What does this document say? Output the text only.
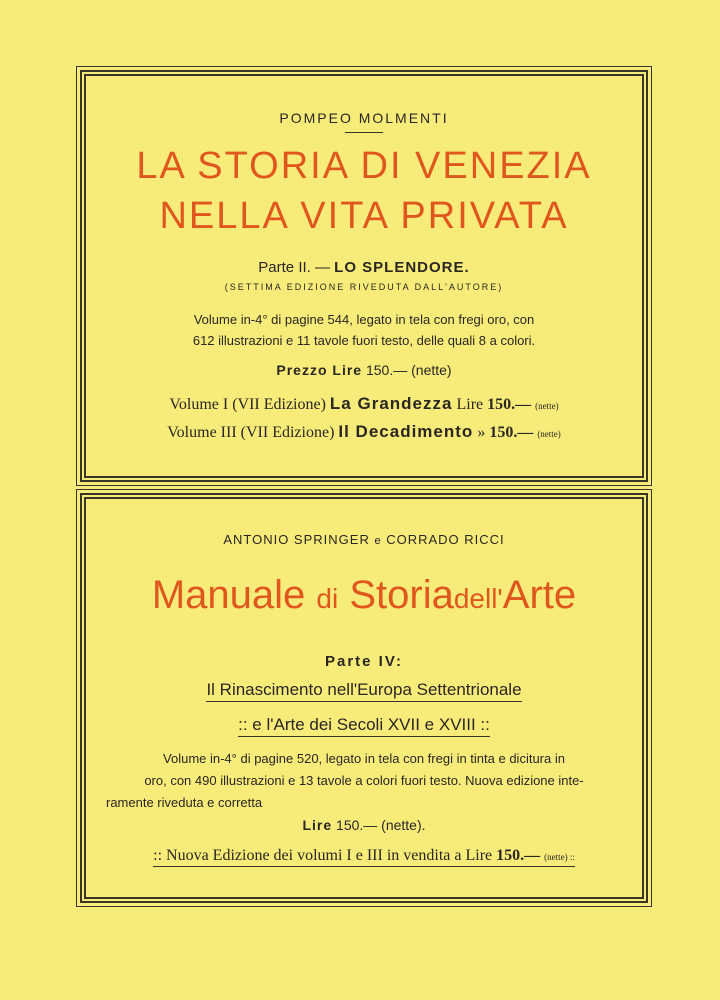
POMPEO MOLMENTI
LA STORIA DI VENEZIA
NELLA VITA PRIVATA
Parte II. — LO SPLENDORE.
(SETTIMA EDIZIONE RIVEDUTA DALL'AUTORE)
Volume in-4° di pagine 544, legato in tela con fregi oro, con
612 illustrazioni e 11 tavole fuori testo, delle quali 8 a colori.
Prezzo Lire 150.— (nette)
Volume I (VII Edizione) La Grandezza Lire 150.— (nette)
Volume III (VII Edizione) Il Decadimento » 150.— (nette)
ANTONIO SPRINGER e CORRADO RICCI
Manuale di Storiadell'Arte
Parte IV:
Il Rinascimento nell'Europa Settentrionale
:: e l'Arte dei Secoli XVII e XVIII ::
Volume in-4° di pagine 520, legato in tela con fregi in tinta e dicitura in
oro, con 490 illustrazioni e 13 tavole a colori fuori testo. Nuova edizione inte-
ramente riveduta e corretta
Lire 150.— (nette).
:: Nuova Edizione dei volumi I e III in vendita a Lire 150.— (nette) ::
